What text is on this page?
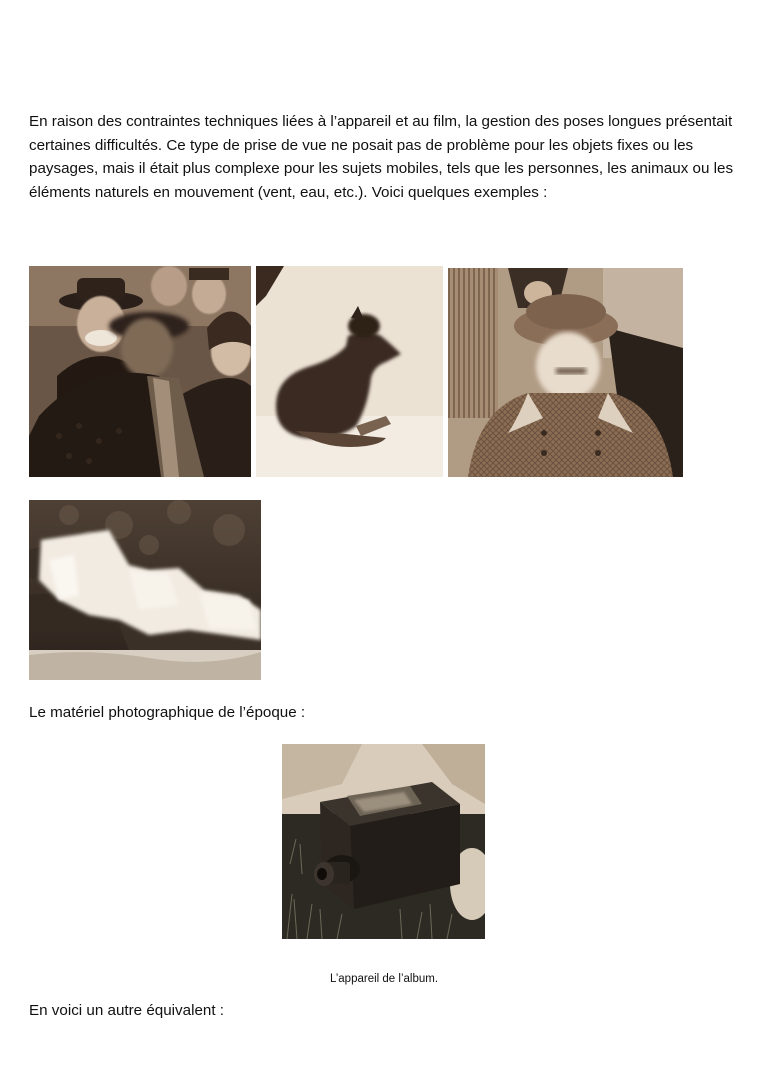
En raison des contraintes techniques liées à l’appareil et au film, la gestion des poses longues présentait certaines difficultés. Ce type de prise de vue ne posait pas de problème pour les objets fixes ou les paysages, mais il était plus complexe pour les sujets mobiles, tels que les personnes, les animaux ou les éléments naturels en mouvement (vent, eau, etc.). Voici quelques exemples :

Le matériel photographique de l’époque :

L’appareil de l’album.

En voici un autre équivalent :
